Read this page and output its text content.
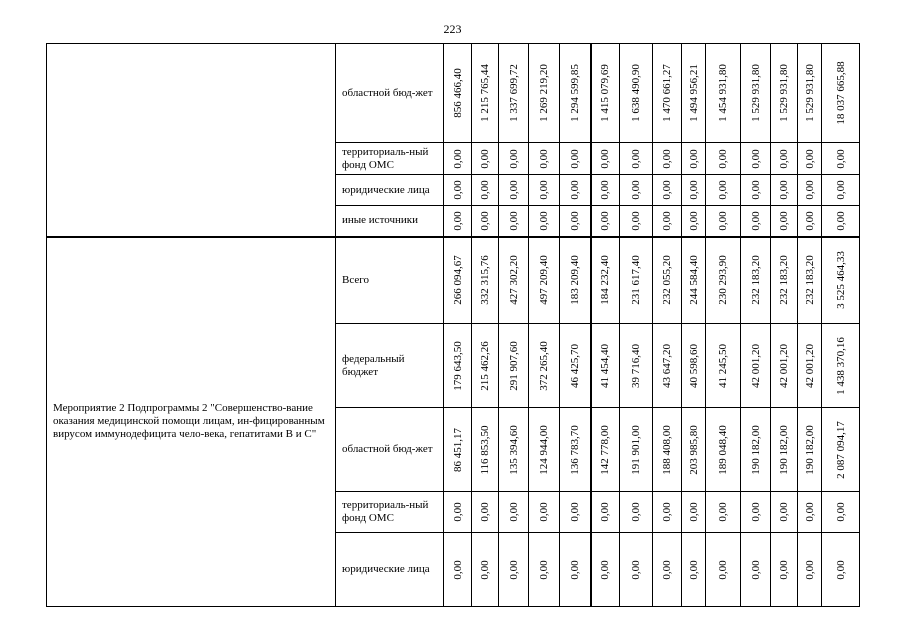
223
	областной бюд-жет	856 466,40	1 215 765,44	1 337 699,72	1 269 219,20	1 294 599,85	1 415 079,69	1 638 490,90	1 470 661,27	1 494 956,21	1 454 931,80	1 529 931,80	1 529 931,80	1 529 931,80	18 037 665,88

	территориаль-ный фонд ОМС	0,00	0,00	0,00	0,00	0,00	0,00	0,00	0,00	0,00	0,00	0,00	0,00	0,00	0,00

	юридические лица	0,00	0,00	0,00	0,00	0,00	0,00	0,00	0,00	0,00	0,00	0,00	0,00	0,00	0,00

	иные источники	0,00	0,00	0,00	0,00	0,00	0,00	0,00	0,00	0,00	0,00	0,00	0,00	0,00	0,00

Мероприятие 2 Подпрограммы 2 "Совершенство-вание оказания медицинской помощи лицам, ин-фицированным вирусом иммунодефицита чело-века, гепатитами В и С"	Всего	266 094,67	332 315,76	427 302,20	497 209,40	183 209,40	184 232,40	231 617,40	232 055,20	244 584,40	230 293,90	232 183,20	232 183,20	232 183,20	3 525 464,33

	федеральный бюджет	179 643,50	215 462,26	291 907,60	372 265,40	46 425,70	41 454,40	39 716,40	43 647,20	40 598,60	41 245,50	42 001,20	42 001,20	42 001,20	1 438 370,16

	областной бюд-жет	86 451,17	116 853,50	135 394,60	124 944,00	136 783,70	142 778,00	191 901,00	188 408,00	203 985,80	189 048,40	190 182,00	190 182,00	190 182,00	2 087 094,17

	территориаль-ный фонд ОМС	0,00	0,00	0,00	0,00	0,00	0,00	0,00	0,00	0,00	0,00	0,00	0,00	0,00	0,00

	юридические лица	0,00	0,00	0,00	0,00	0,00	0,00	0,00	0,00	0,00	0,00	0,00	0,00	0,00	0,00
